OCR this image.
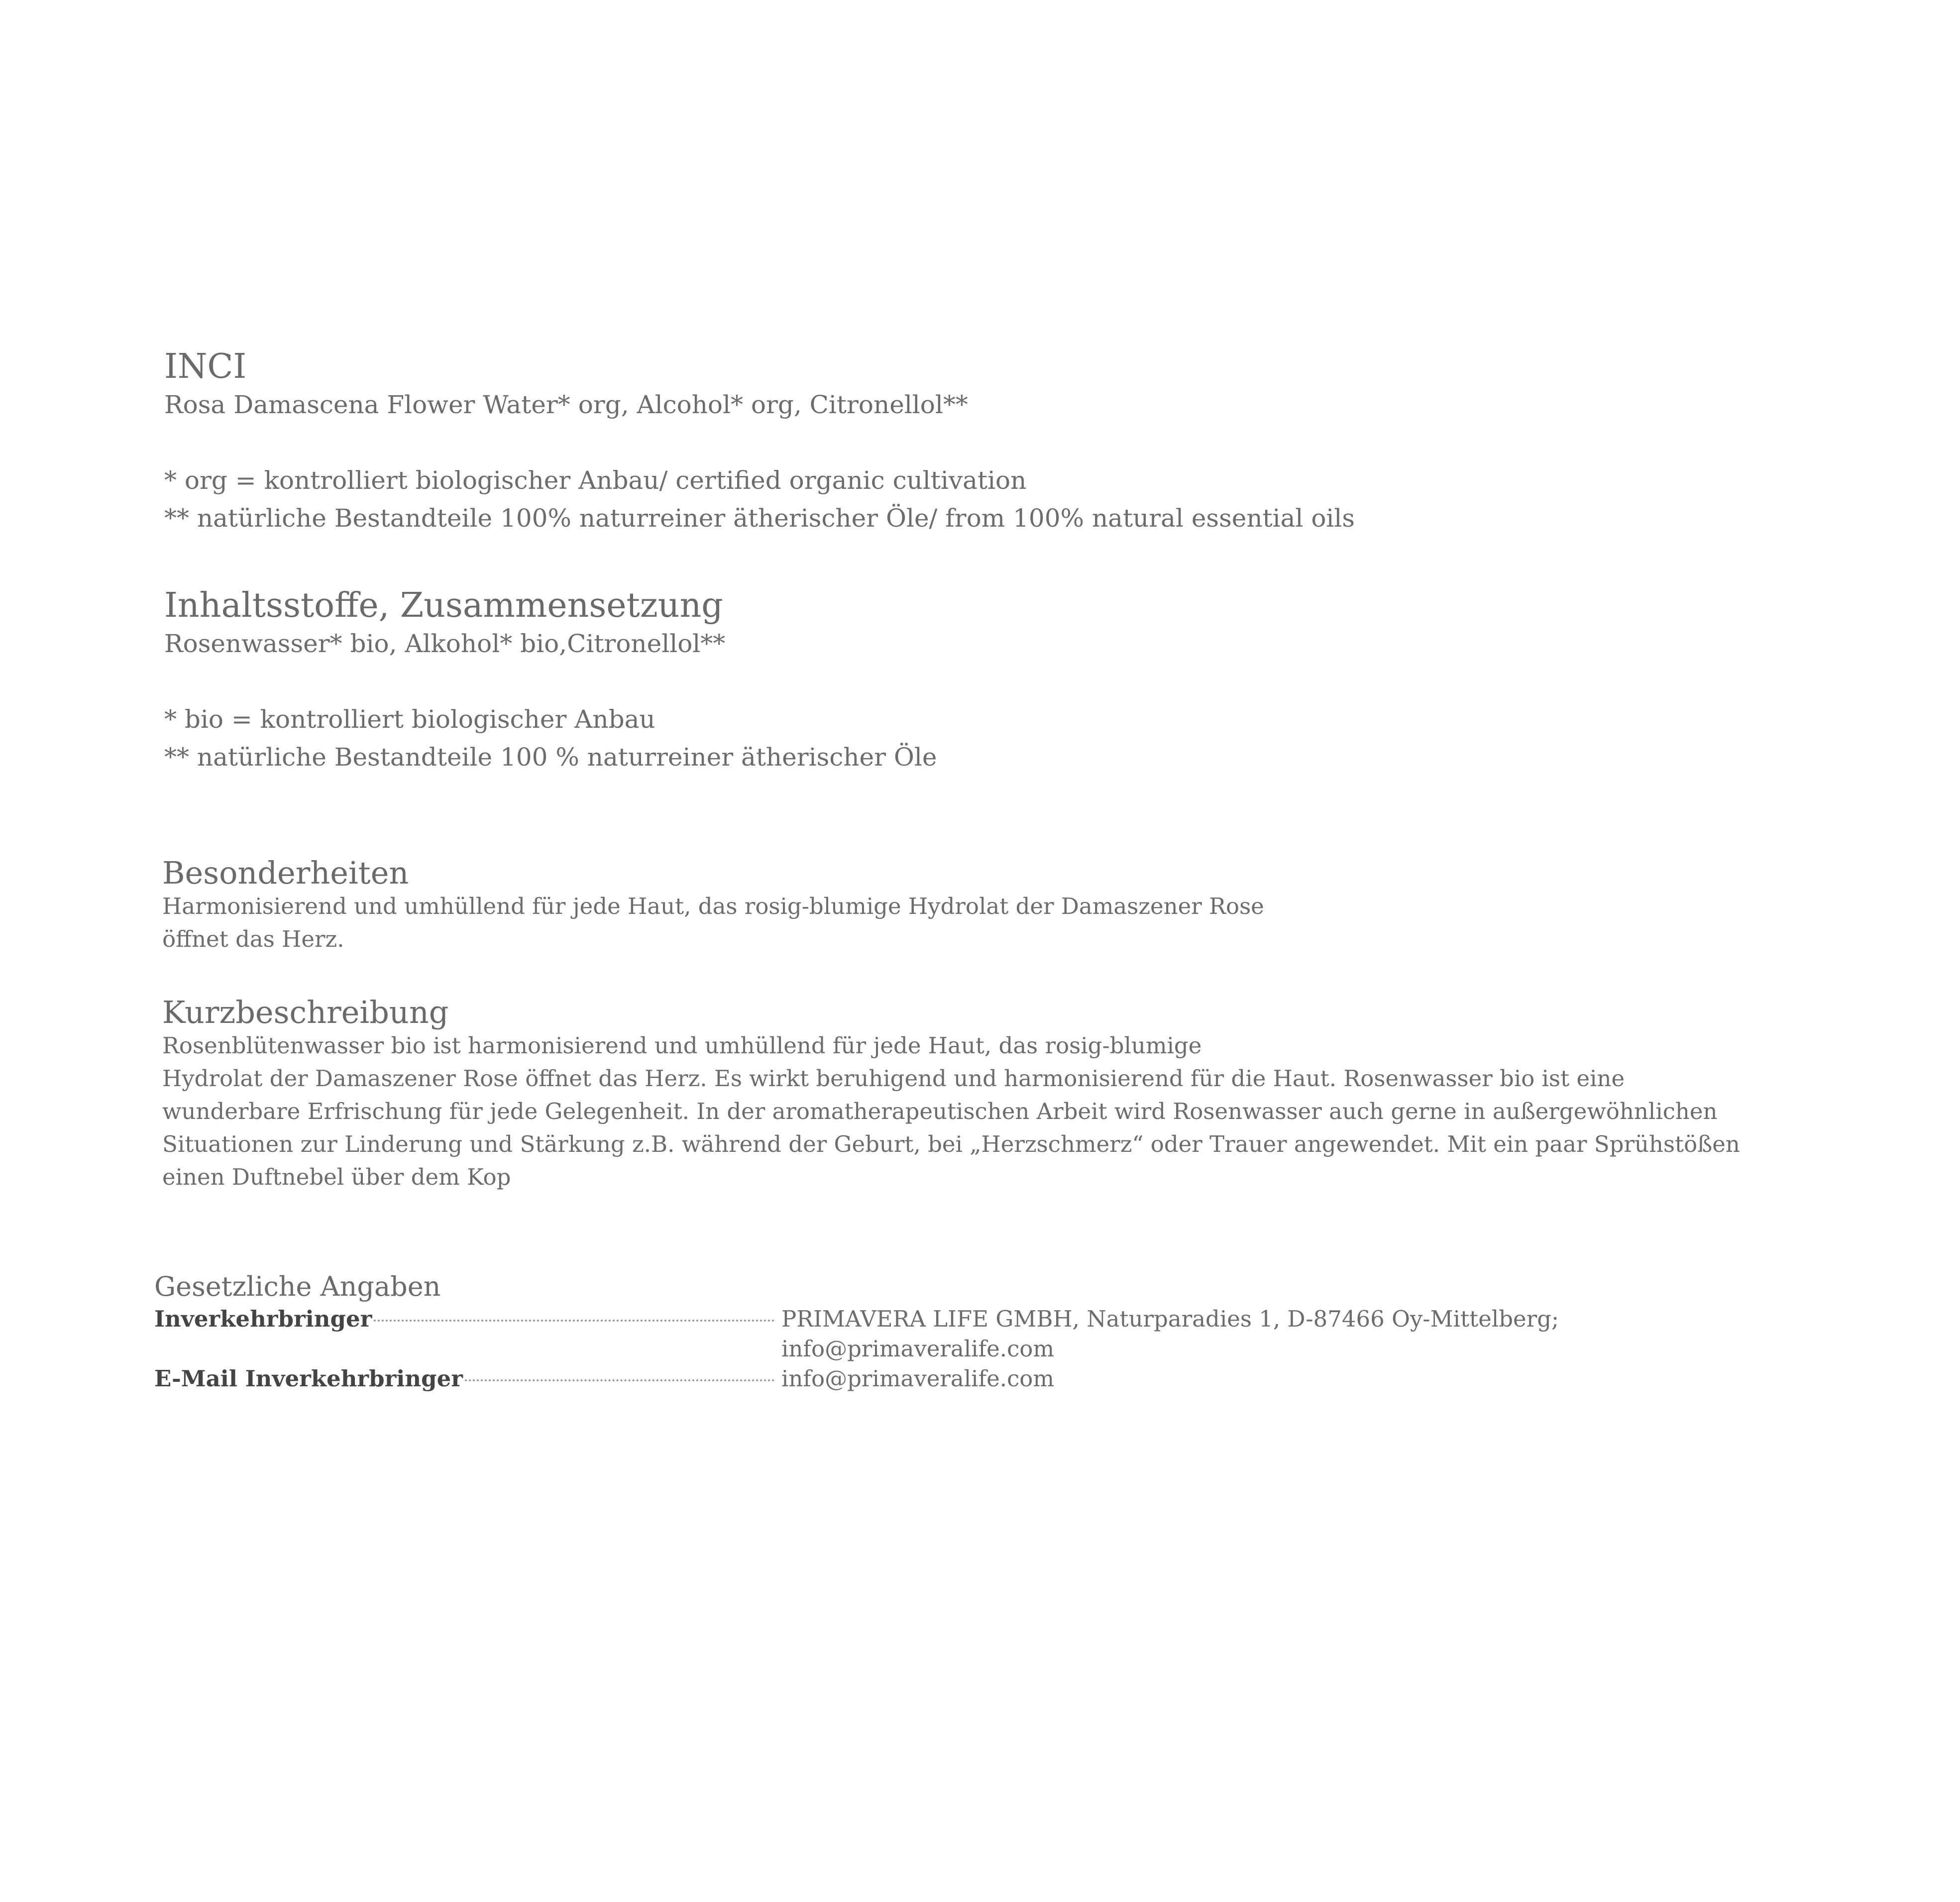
INCI

Rosa Damascena Flower Water* org, Alcohol* org, Citronellol**

* org = kontrolliert biologischer Anbau/ certified organic cultivation

** natürliche Bestandteile 100% naturreiner ätherischer Öle/ from 100% natural essential oils

Inhaltsstoffe, Zusammensetzung

Rosenwasser* bio, Alkohol* bio,Citronellol**

* bio = kontrolliert biologischer Anbau

** natürliche Bestandteile 100 % naturreiner ätherischer Öle

Besonderheiten

Harmonisierend und umhüllend für jede Haut, das rosig-blumige Hydrolat der Damaszener Rose

öffnet das Herz.

Kurzbeschreibung

Rosenblütenwasser bio ist harmonisierend und umhüllend für jede Haut, das rosig-blumige

Hydrolat der Damaszener Rose öffnet das Herz. Es wirkt beruhigend und harmonisierend für die Haut. Rosenwasser bio ist eine

wunderbare Erfrischung für jede Gelegenheit. In der aromatherapeutischen Arbeit wird Rosenwasser auch gerne in außergewöhnlichen

Situationen zur Linderung und Stärkung z.B. während der Geburt, bei „Herzschmerz“ oder Trauer angewendet. Mit ein paar Sprühstößen

einen Duftnebel über dem Kop

Gesetzliche Angaben
Inverkehrbringer	PRIMAVERA LIFE GMBH, Naturparadies 1, D-87466 Oy-Mittelberg;
info@primaveralife.com
E-Mail Inverkehrbringer	info@primaveralife.com
